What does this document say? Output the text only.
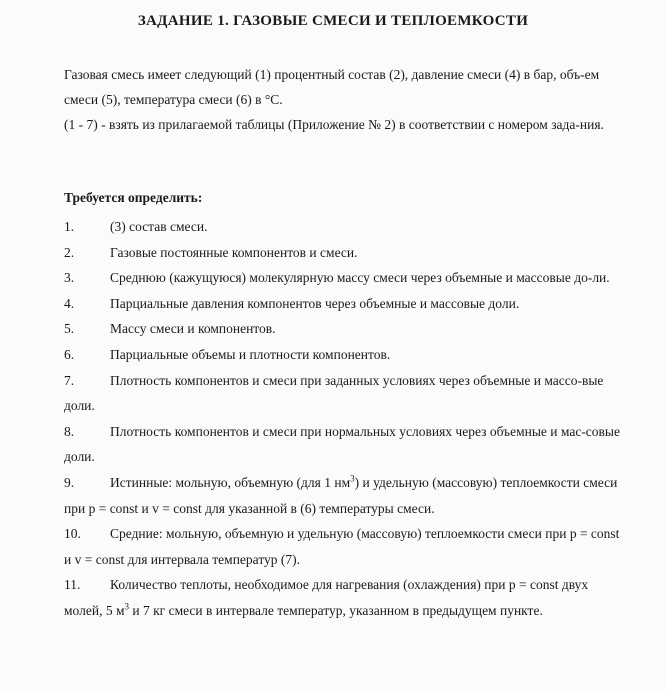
ЗАДАНИЕ 1. ГАЗОВЫЕ СМЕСИ И ТЕПЛОЕМКОСТИ

Газовая смесь имеет следующий (1) процентный состав (2), давление смеси (4) в бар, объ-ем смеси (5), температура смеси (6) в °С.

(1 - 7) - взять из прилагаемой таблицы (Приложение № 2) в соответствии с номером зада-ния.

Требуется определить:
1.	(3) состав смеси.
2.	Газовые постоянные компонентов и смеси.
3.	Среднюю (кажущуюся) молекулярную массу смеси через объемные и массовые до-ли.
4.	Парциальные давления компонентов через объемные и массовые доли.
5.	Массу смеси и компонентов.
6.	Парциальные объемы и плотности компонентов.
7.	Плотность компонентов и смеси при заданных условиях через объемные и массо-вые доли.
8.	Плотность компонентов и смеси при нормальных условиях через объемные и мас-совые доли.
9.	Истинные: мольную, объемную (для 1 $нм^3$) и удельную (массовую) теплоемкости смеси при p = const и v = const для указанной в (6) температуры смеси.
10. Средние: мольную, объемную и удельную (массовую) теплоемкости смеси при p = const и v = const для интервала температур (7).
11. Количество теплоты, необходимое для нагревания (охлаждения) при p = const двух молей, 5 $м^3$ и 7 кг смеси в интервале температур, указанном в предыдущем пункте.
